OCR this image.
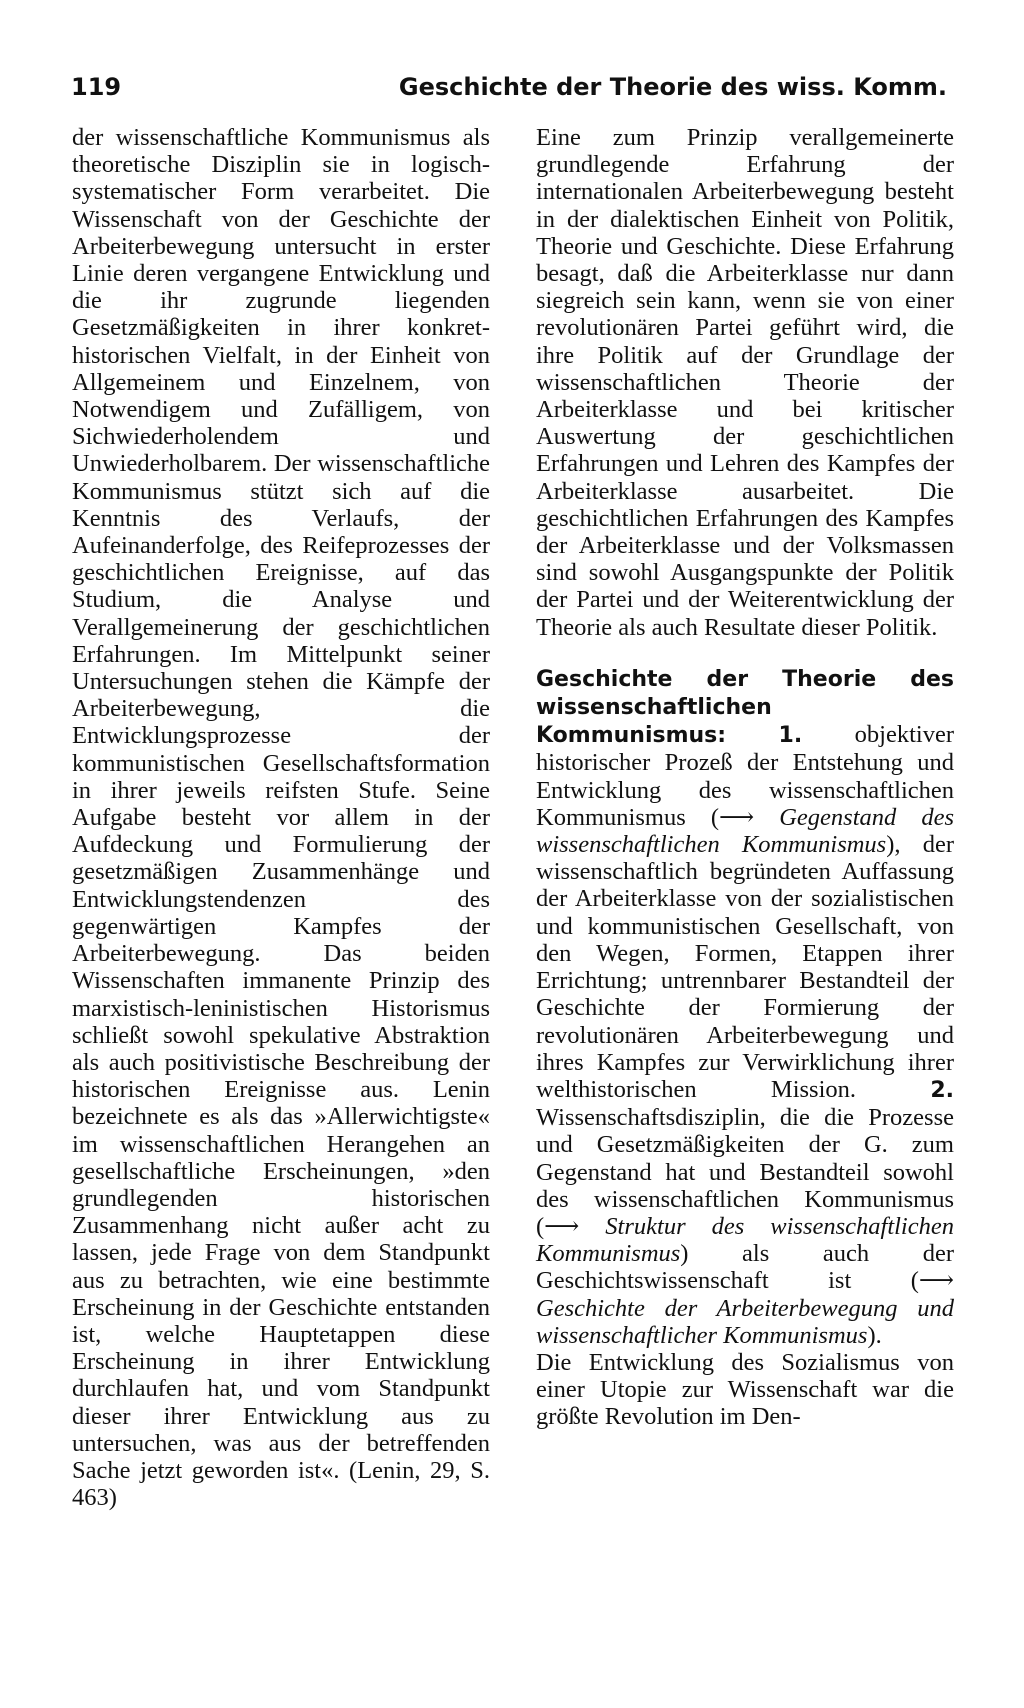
119	Geschichte der Theorie des wiss. Komm.

der wissenschaftliche Kommunismus als theoretische Disziplin sie in logisch-systematischer Form verarbeitet. Die Wissenschaft von der Geschichte der Arbeiterbewegung untersucht in erster Linie deren vergangene Entwicklung und die ihr zugrunde liegenden Gesetzmäßigkeiten in ihrer konkret-historischen Vielfalt, in der Einheit von Allgemeinem und Einzelnem, von Notwendigem und Zufälligem, von Sichwiederholendem und Unwiederholbarem. Der wissenschaftliche Kommunismus stützt sich auf die Kenntnis des Verlaufs, der Aufeinanderfolge, des Reifeprozesses der geschichtlichen Ereignisse, auf das Studium, die Analyse und Verallgemeinerung der geschichtlichen Erfahrungen. Im Mittelpunkt seiner Untersuchungen stehen die Kämpfe der Arbeiterbewegung, die Entwicklungsprozesse der kommunistischen Gesellschaftsformation in ihrer jeweils reifsten Stufe. Seine Aufgabe besteht vor allem in der Aufdeckung und Formulierung der gesetzmäßigen Zusammenhänge und Entwicklungstendenzen des gegenwärtigen Kampfes der Arbeiterbewegung. Das beiden Wissenschaften immanente Prinzip des marxistisch-leninistischen Historismus schließt sowohl spekulative Abstraktion als auch positivistische Beschreibung der historischen Ereignisse aus. Lenin bezeichnete es als das »Allerwichtigste« im wissenschaftlichen Herangehen an gesellschaftliche Erscheinungen, »den grundlegenden historischen Zusammenhang nicht außer acht zu lassen, jede Frage von dem Standpunkt aus zu betrachten, wie eine bestimmte Erscheinung in der Geschichte entstanden ist, welche Hauptetappen diese Erscheinung in ihrer Entwicklung durchlaufen hat, und vom Standpunkt dieser ihrer Entwicklung aus zu untersuchen, was aus der betreffenden Sache jetzt geworden ist«. (Lenin, 29, S. 463)

Eine zum Prinzip verallgemeinerte grundlegende Erfahrung der internationalen Arbeiterbewegung besteht in der dialektischen Einheit von Politik, Theorie und Geschichte. Diese Erfahrung besagt, daß die Arbeiterklasse nur dann siegreich sein kann, wenn sie von einer revolutionären Partei geführt wird, die ihre Politik auf der Grundlage der wissenschaftlichen Theorie der Arbeiterklasse und bei kritischer Auswertung der geschichtlichen Erfahrungen und Lehren des Kampfes der Arbeiterklasse ausarbeitet. Die geschichtlichen Erfahrungen des Kampfes der Arbeiterklasse und der Volksmassen sind sowohl Ausgangspunkte der Politik der Partei und der Weiterentwicklung der Theorie als auch Resultate dieser Politik.

Geschichte der Theorie des wissenschaftlichen Kommunismus: 1. objektiver historischer Prozeß der Entstehung und Entwicklung des wissenschaftlichen Kommunismus (⟶ Gegenstand des wissenschaftlichen Kommunismus), der wissenschaftlich begründeten Auffassung der Arbeiterklasse von der sozialistischen und kommunistischen Gesellschaft, von den Wegen, Formen, Etappen ihrer Errichtung; untrennbarer Bestandteil der Geschichte der Formierung der revolutionären Arbeiterbewegung und ihres Kampfes zur Verwirklichung ihrer welthistorischen Mission.	2. Wissenschaftsdisziplin, die die Prozesse und Gesetzmäßigkeiten der G. zum Gegenstand hat und Bestandteil sowohl des wissenschaftlichen Kommunismus (⟶ Struktur des wissenschaftlichen Kommunismus) als auch der Geschichtswissenschaft ist (⟶ Geschichte der Arbeiterbewegung und wissenschaftlicher Kommunismus).

Die Entwicklung des Sozialismus von einer Utopie zur Wissenschaft war die größte Revolution im Den-
